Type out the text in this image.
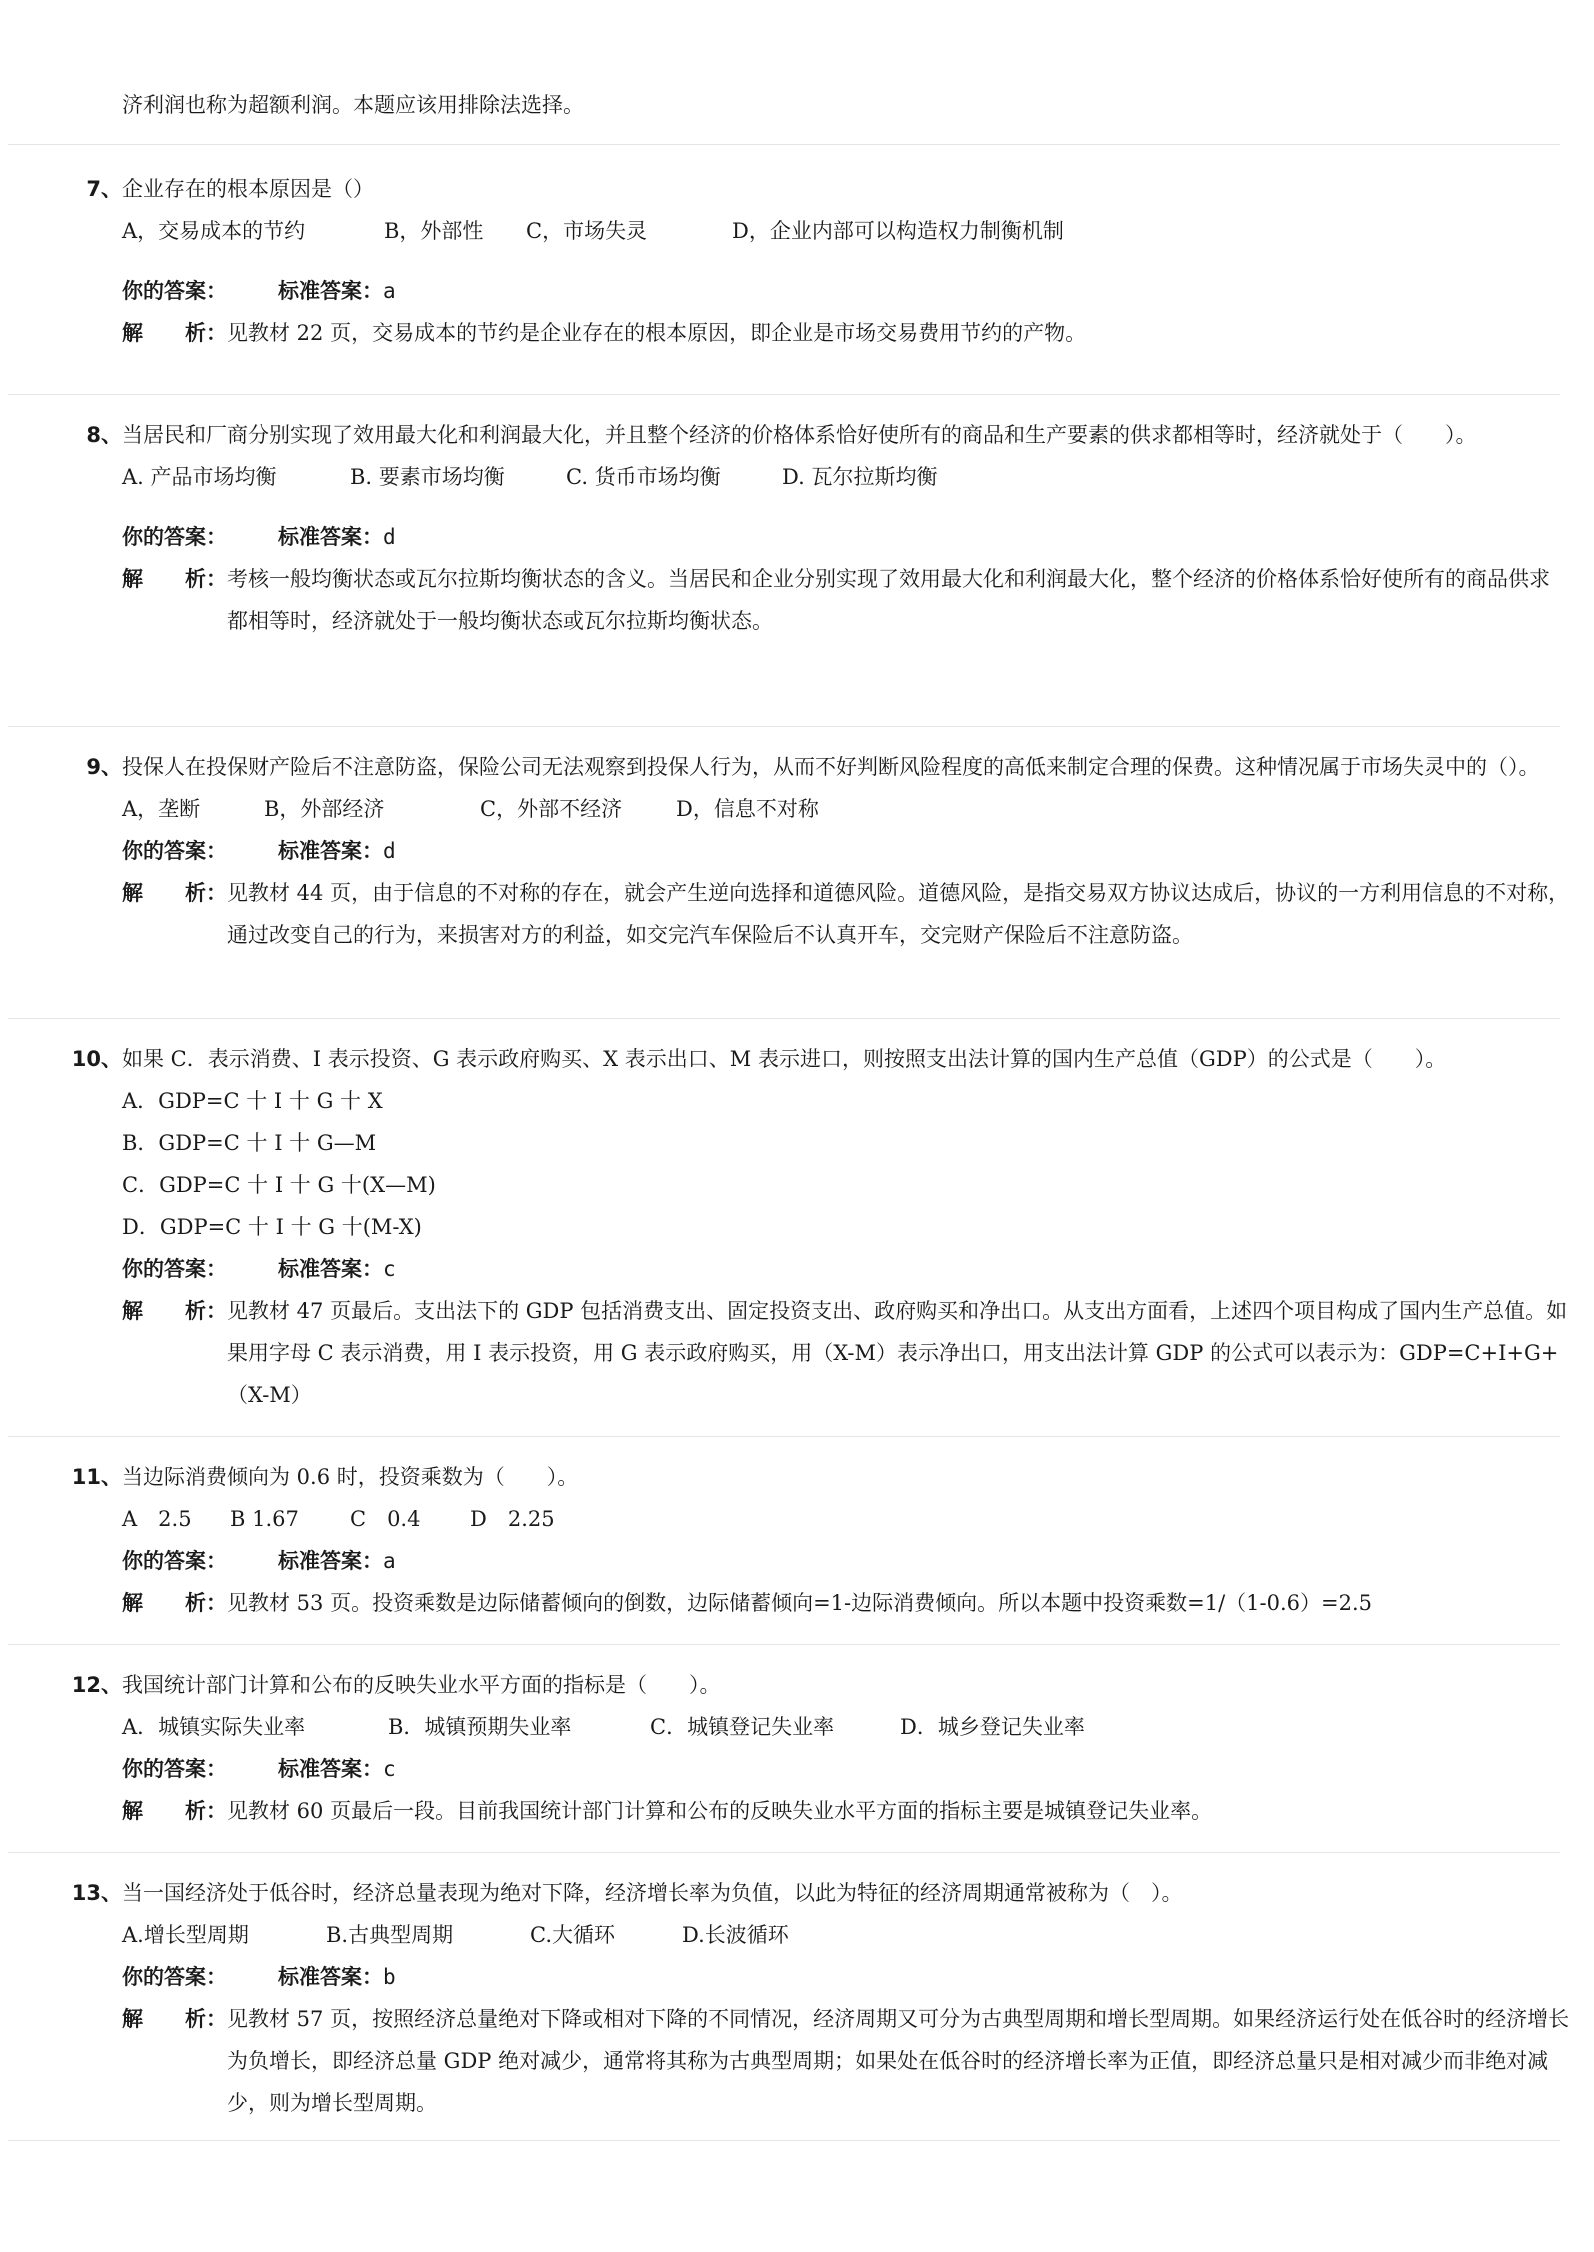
济利润也称为超额利润。本题应该用排除法选择。
7、 企业存在的根本原因是（）
A，交易成本的节约	B，外部性	C，市场失灵	D，企业内部可以构造权力制衡机制
你的答案：	标准答案： a
解　　析： 见教材 22 页，交易成本的节约是企业存在的根本原因，即企业是市场交易费用节约的产物。
8、 当居民和厂商分别实现了效用最大化和利润最大化，并且整个经济的价格体系恰好使所有的商品和生产要素的供求都相等时，经济就处于（　　）。
A. 产品市场均衡	B. 要素市场均衡	C. 货币市场均衡	D. 瓦尔拉斯均衡
你的答案：	标准答案： d
解　　析： 考核一般均衡状态或瓦尔拉斯均衡状态的含义。当居民和企业分别实现了效用最大化和利润最大化，整个经济的价格体系恰好使所有的商品供求都相等时，经济就处于一般均衡状态或瓦尔拉斯均衡状态。
9、 投保人在投保财产险后不注意防盗，保险公司无法观察到投保人行为，从而不好判断风险程度的高低来制定合理的保费。这种情况属于市场失灵中的（）。
A，垄断	B，外部经济	C，外部不经济	D，信息不对称
你的答案：	标准答案： d
解　　析： 见教材 44 页，由于信息的不对称的存在，就会产生逆向选择和道德风险。道德风险，是指交易双方协议达成后，协议的一方利用信息的不对称，通过改变自己的行为，来损害对方的利益，如交完汽车保险后不认真开车，交完财产保险后不注意防盗。
10、 如果 C．表示消费、I 表示投资、G 表示政府购买、X 表示出口、M 表示进口，则按照支出法计算的国内生产总值（GDP）的公式是（　　）。
A．GDP=C 十 I 十 G 十 X
B．GDP=C 十 I 十 G—M
C．GDP=C 十 I 十 G 十(X—M)
D．GDP=C 十 I 十 G 十(M-X)
你的答案：	标准答案： c
解　　析： 见教材 47 页最后。支出法下的 GDP 包括消费支出、固定投资支出、政府购买和净出口。从支出方面看，上述四个项目构成了国内生产总值。如果用字母 C 表示消费，用 I 表示投资，用 G 表示政府购买，用（X-M）表示净出口，用支出法计算 GDP 的公式可以表示为：GDP=C+I+G+（X-M）
11、 当边际消费倾向为 0.6 时，投资乘数为（　　）。
A　2.5	B 1.67	C　0.4	D　2.25
你的答案：	标准答案： a
解　　析： 见教材 53 页。投资乘数是边际储蓄倾向的倒数，边际储蓄倾向=1-边际消费倾向。所以本题中投资乘数=1/（1-0.6）=2.5
12、 我国统计部门计算和公布的反映失业水平方面的指标是（　　）。
A．城镇实际失业率	B．城镇预期失业率	C．城镇登记失业率	D．城乡登记失业率
你的答案：	标准答案： c
解　　析： 见教材 60 页最后一段。目前我国统计部门计算和公布的反映失业水平方面的指标主要是城镇登记失业率。
13、 当一国经济处于低谷时，经济总量表现为绝对下降，经济增长率为负值，以此为特征的经济周期通常被称为（　）。
A.增长型周期	B.古典型周期	C.大循环	D.长波循环
你的答案：	标准答案： b
解　　析： 见教材 57 页，按照经济总量绝对下降或相对下降的不同情况，经济周期又可分为古典型周期和增长型周期。如果经济运行处在低谷时的经济增长为负增长，即经济总量 GDP 绝对减少，通常将其称为古典型周期；如果处在低谷时的经济增长率为正值，即经济总量只是相对减少而非绝对减少，则为增长型周期。
